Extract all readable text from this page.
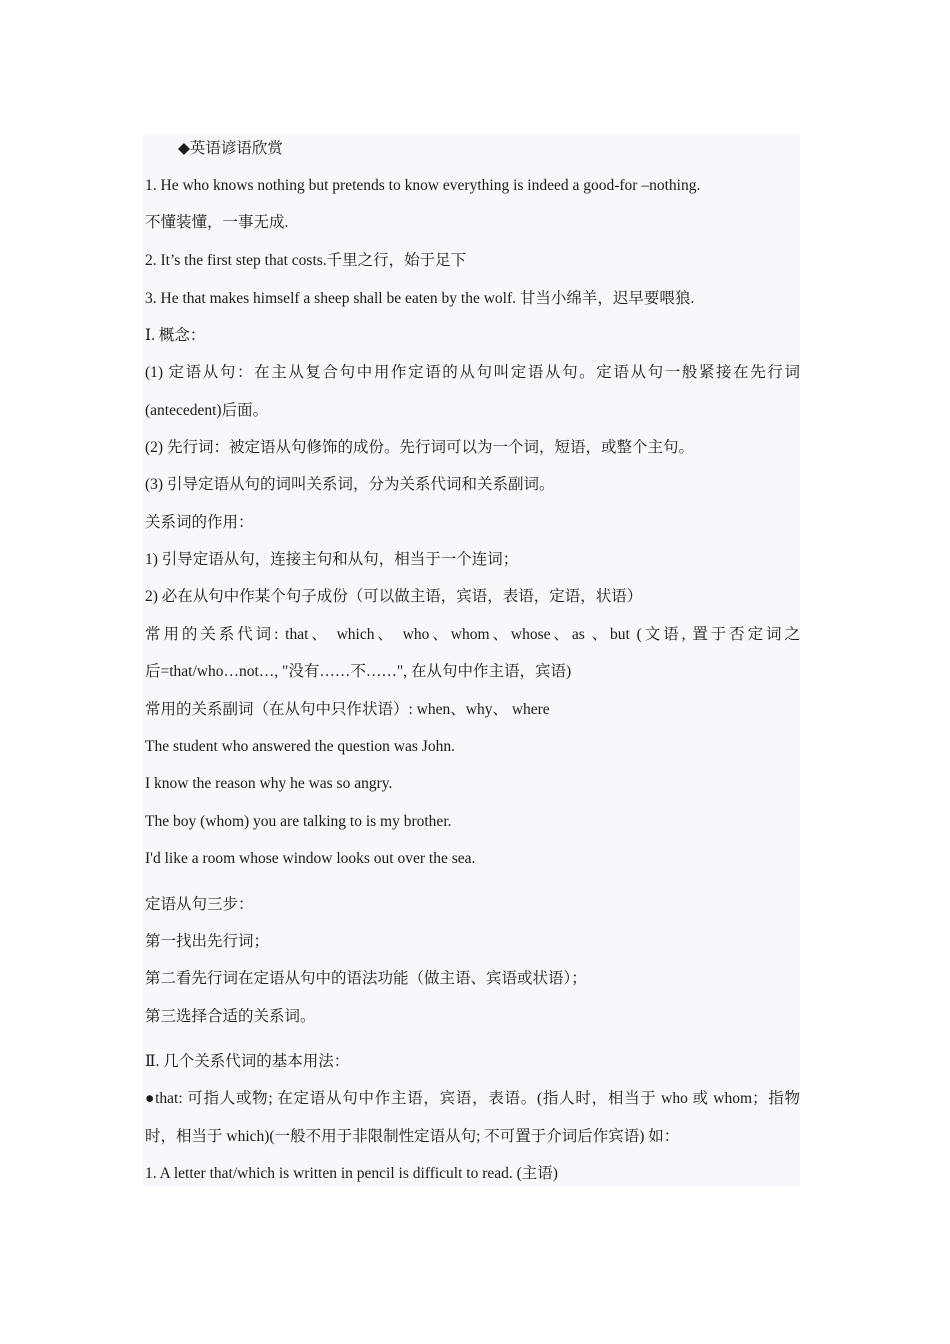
◆英语谚语欣赏
1. He who knows nothing but pretends to know everything is indeed a good-for –nothing.
不懂装懂，一事无成.
2. It’s the first step that costs.千里之行，始于足下
3. He that makes himself a sheep shall be eaten by the wolf. 甘当小绵羊，迟早要喂狼.
Ⅰ. 概念：
(1) 定语从句：在主从复合句中用作定语的从句叫定语从句。定语从句一般紧接在先行词
(antecedent)后面。
(2) 先行词：被定语从句修饰的成份。先行词可以为一个词，短语，或整个主句。
(3) 引导定语从句的词叫关系词，分为关系代词和关系副词。
关系词的作用：
1) 引导定语从句，连接主句和从句，相当于一个连词；
2) 必在从句中作某个句子成份（可以做主语，宾语，表语，定语，状语）
常用的关系代词: that、 which、 who、whom、whose、as 、but (文语, 置于否定词之
后=that/who…not…, "没有……不……", 在从句中作主语，宾语)
常用的关系副词（在从句中只作状语）: when、why、 where
The student who answered the question was John.
I know the reason why he was so angry.
The boy (whom) you are talking to is my brother.
I'd like a room whose window looks out over the sea.
定语从句三步：
第一找出先行词；
第二看先行词在定语从句中的语法功能（做主语、宾语或状语）；
第三选择合适的关系词。
Ⅱ. 几个关系代词的基本用法：
●that: 可指人或物; 在定语从句中作主语，宾语，表语。(指人时，相当于 who 或 whom；指物
时，相当于 which)(一般不用于非限制性定语从句; 不可置于介词后作宾语) 如：
1. A letter that/which is written in pencil is difficult to read. (主语)
